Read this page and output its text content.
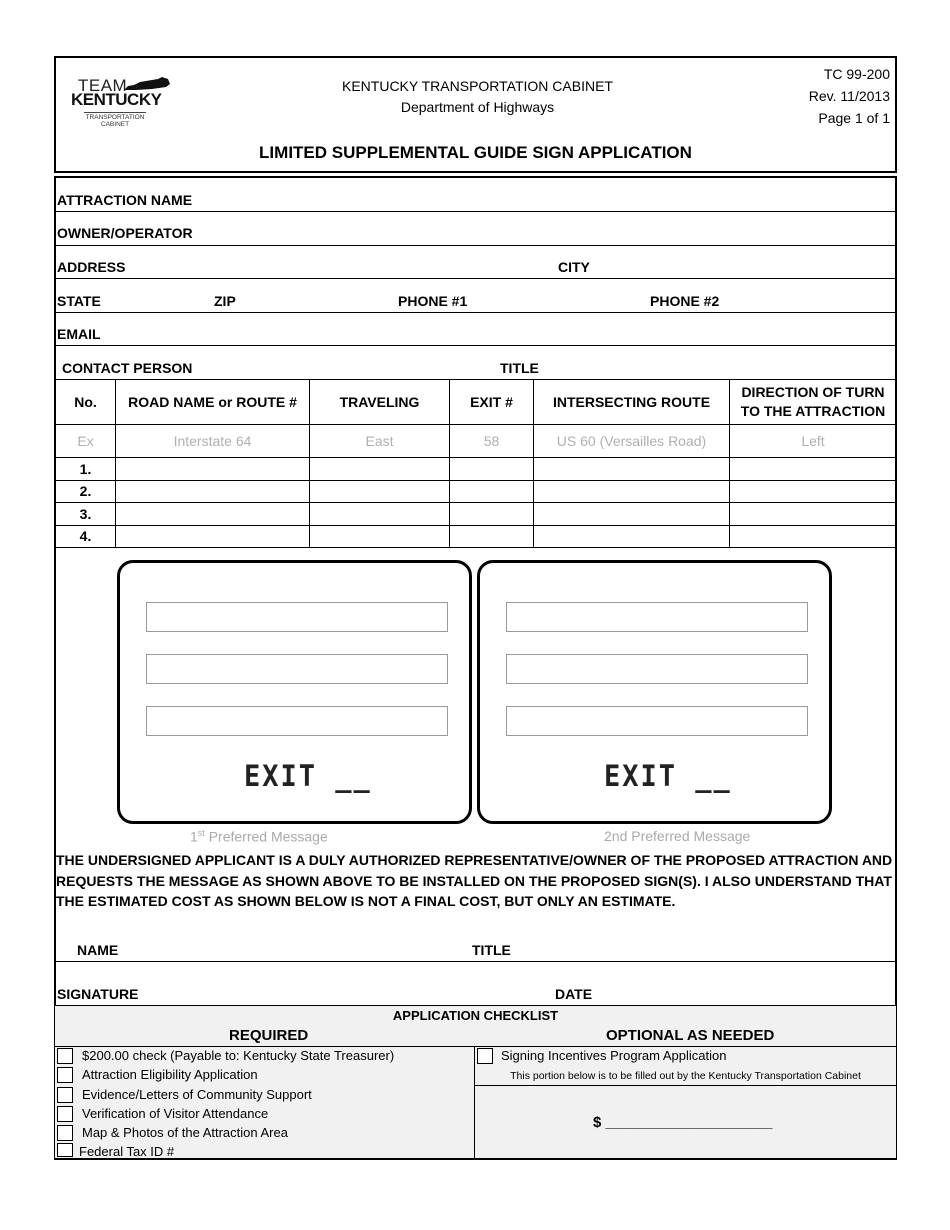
TEAM
KENTUCKY
TRANSPORTATION CABINET
KENTUCKY TRANSPORTATION CABINET
Department of Highways
TC 99-200
Rev. 11/2013
Page 1 of 1
LIMITED SUPPLEMENTAL GUIDE SIGN APPLICATION
ATTRACTION NAME
OWNER/OPERATOR
ADDRESS	CITY
STATE	ZIP	PHONE #1	PHONE #2
EMAIL
CONTACT PERSON	TITLE
No.	ROAD NAME or ROUTE #	TRAVELING	EXIT #	INTERSECTING ROUTE	DIRECTION OF TURN TO THE ATTRACTION
Ex	Interstate 64	East	58	US 60 (Versailles Road)	Left
1.					
2.					
3.					
4.					
EXIT __	EXIT __
1st Preferred Message	2nd Preferred Message
THE UNDERSIGNED APPLICANT IS A DULY AUTHORIZED REPRESENTATIVE/OWNER OF THE PROPOSED ATTRACTION AND REQUESTS THE MESSAGE AS SHOWN ABOVE TO BE INSTALLED ON THE PROPOSED SIGN(S). I ALSO UNDERSTAND THAT THE ESTIMATED COST AS SHOWN BELOW IS NOT A FINAL COST, BUT ONLY AN ESTIMATE.
NAME	TITLE
SIGNATURE	DATE
APPLICATION CHECKLIST
REQUIRED	OPTIONAL AS NEEDED
$200.00 check (Payable to: Kentucky State Treasurer)
Attraction Eligibility Application
Evidence/Letters of Community Support
Verification of Visitor Attendance
Map & Photos of the Attraction Area
Federal Tax ID #
Signing Incentives Program Application
This portion below is to be filled out by the Kentucky Transportation Cabinet
$ ____________________
